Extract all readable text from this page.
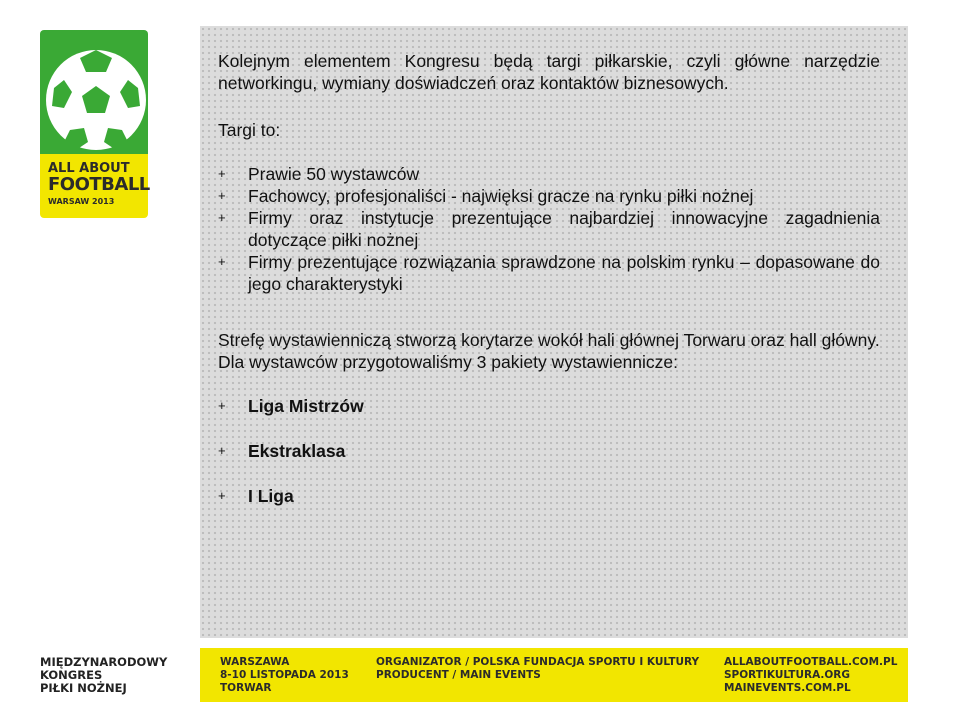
ALL ABOUT
FOOTBALL
WARSAW 2013

Kolejnym elementem Kongresu będą targi piłkarskie, czyli główne narzędzie networkingu, wymiany doświadczeń oraz kontaktów biznesowych.

Targi to:

+ Prawie 50 wystawców
+ Fachowcy, profesjonaliści - najwięksi gracze na rynku piłki nożnej
+ Firmy oraz instytucje prezentujące najbardziej innowacyjne zagadnienia dotyczące piłki nożnej
+ Firmy prezentujące rozwiązania sprawdzone na polskim rynku – dopasowane do jego charakterystyki

Strefę wystawienniczą stworzą korytarze wokół hali głównej Torwaru oraz hall główny.

Dla wystawców przygotowaliśmy 3 pakiety wystawiennicze:

+ Liga Mistrzów
+ Ekstraklasa
+ I Liga
MIĘDZYNARODOWY
KONGRES
PIŁKI NOŻNEJ
WARSZAWA
8-10 LISTOPADA 2013
TORWAR
ORGANIZATOR / POLSKA FUNDACJA SPORTU I KULTURY
PRODUCENT / MAIN EVENTS
ALLABOUTFOOTBALL.COM.PL
SPORTIKULTURA.ORG
MAINEVENTS.COM.PL
